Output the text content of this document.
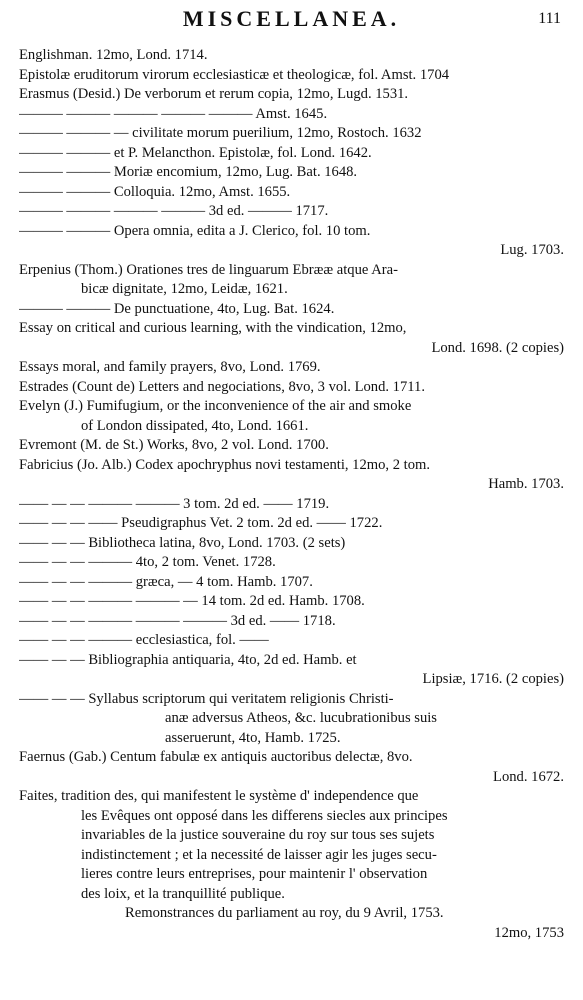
MISCELLANEA.	111
Englishman. 12mo, Lond. 1714.
Epistolæ eruditorum virorum ecclesiasticæ et theologicæ, fol. Amst. 1704
Erasmus (Desid.) De verborum et rerum copia, 12mo, Lugd. 1531.
——— ——— ——— ——— ——— Amst. 1645.
——— ——— — civilitate morum puerilium, 12mo, Rostoch. 1632
——— ——— et P. Melancthon. Epistolæ, fol. Lond. 1642.
——— ——— Moriæ encomium, 12mo, Lug. Bat. 1648.
——— ——— Colloquia. 12mo, Amst. 1655.
——— ——— ——— ——— 3d ed. ——— 1717.
——— ——— Opera omnia, edita a J. Clerico, fol. 10 tom.
Lug. 1703.
Erpenius (Thom.) Orationes tres de linguarum Ebrææ atque Ara-
bicæ dignitate, 12mo, Leidæ, 1621.
——— ——— De punctuatione, 4to, Lug. Bat. 1624.
Essay on critical and curious learning, with the vindication, 12mo,
Lond. 1698. (2 copies)
Essays moral, and family prayers, 8vo, Lond. 1769.
Estrades (Count de) Letters and negociations, 8vo, 3 vol. Lond. 1711.
Evelyn (J.) Fumifugium, or the inconvenience of the air and smoke
of London dissipated, 4to, Lond. 1661.
Evremont (M. de St.) Works, 8vo, 2 vol. Lond. 1700.
Fabricius (Jo. Alb.) Codex apochryphus novi testamenti, 12mo, 2 tom.
Hamb. 1703.
—— — — ——— ——— 3 tom. 2d ed. —— 1719.
—— — — —— Pseudigraphus Vet. 2 tom. 2d ed. —— 1722.
—— — — Bibliotheca latina, 8vo, Lond. 1703. (2 sets)
—— — — ——— 4to, 2 tom. Venet. 1728.
—— — — ——— græca, — 4 tom. Hamb. 1707.
—— — — ——— ——— — 14 tom. 2d ed. Hamb. 1708.
—— — — ——— ——— ——— 3d ed. —— 1718.
—— — — ——— ecclesiastica, fol. ——
—— — — Bibliographia antiquaria, 4to, 2d ed. Hamb. et
Lipsiæ, 1716. (2 copies)
—— — — Syllabus scriptorum qui veritatem religionis Christi-
anæ adversus Atheos, &c. lucubrationibus suis
asseruerunt, 4to, Hamb. 1725.
Faernus (Gab.) Centum fabulæ ex antiquis auctoribus delectæ, 8vo.
Lond. 1672.
Faites, tradition des, qui manifestent le système d' independence que
les Evêques ont opposé dans les differens siecles aux principes
invariables de la justice souveraine du roy sur tous ses sujets
indistinctement ; et la necessité de laisser agir les juges secu-
lieres contre leurs entreprises, pour maintenir l' observation
des loix, et la tranquillité publique.
Remonstrances du parliament au roy, du 9 Avril, 1753.
12mo, 1753
